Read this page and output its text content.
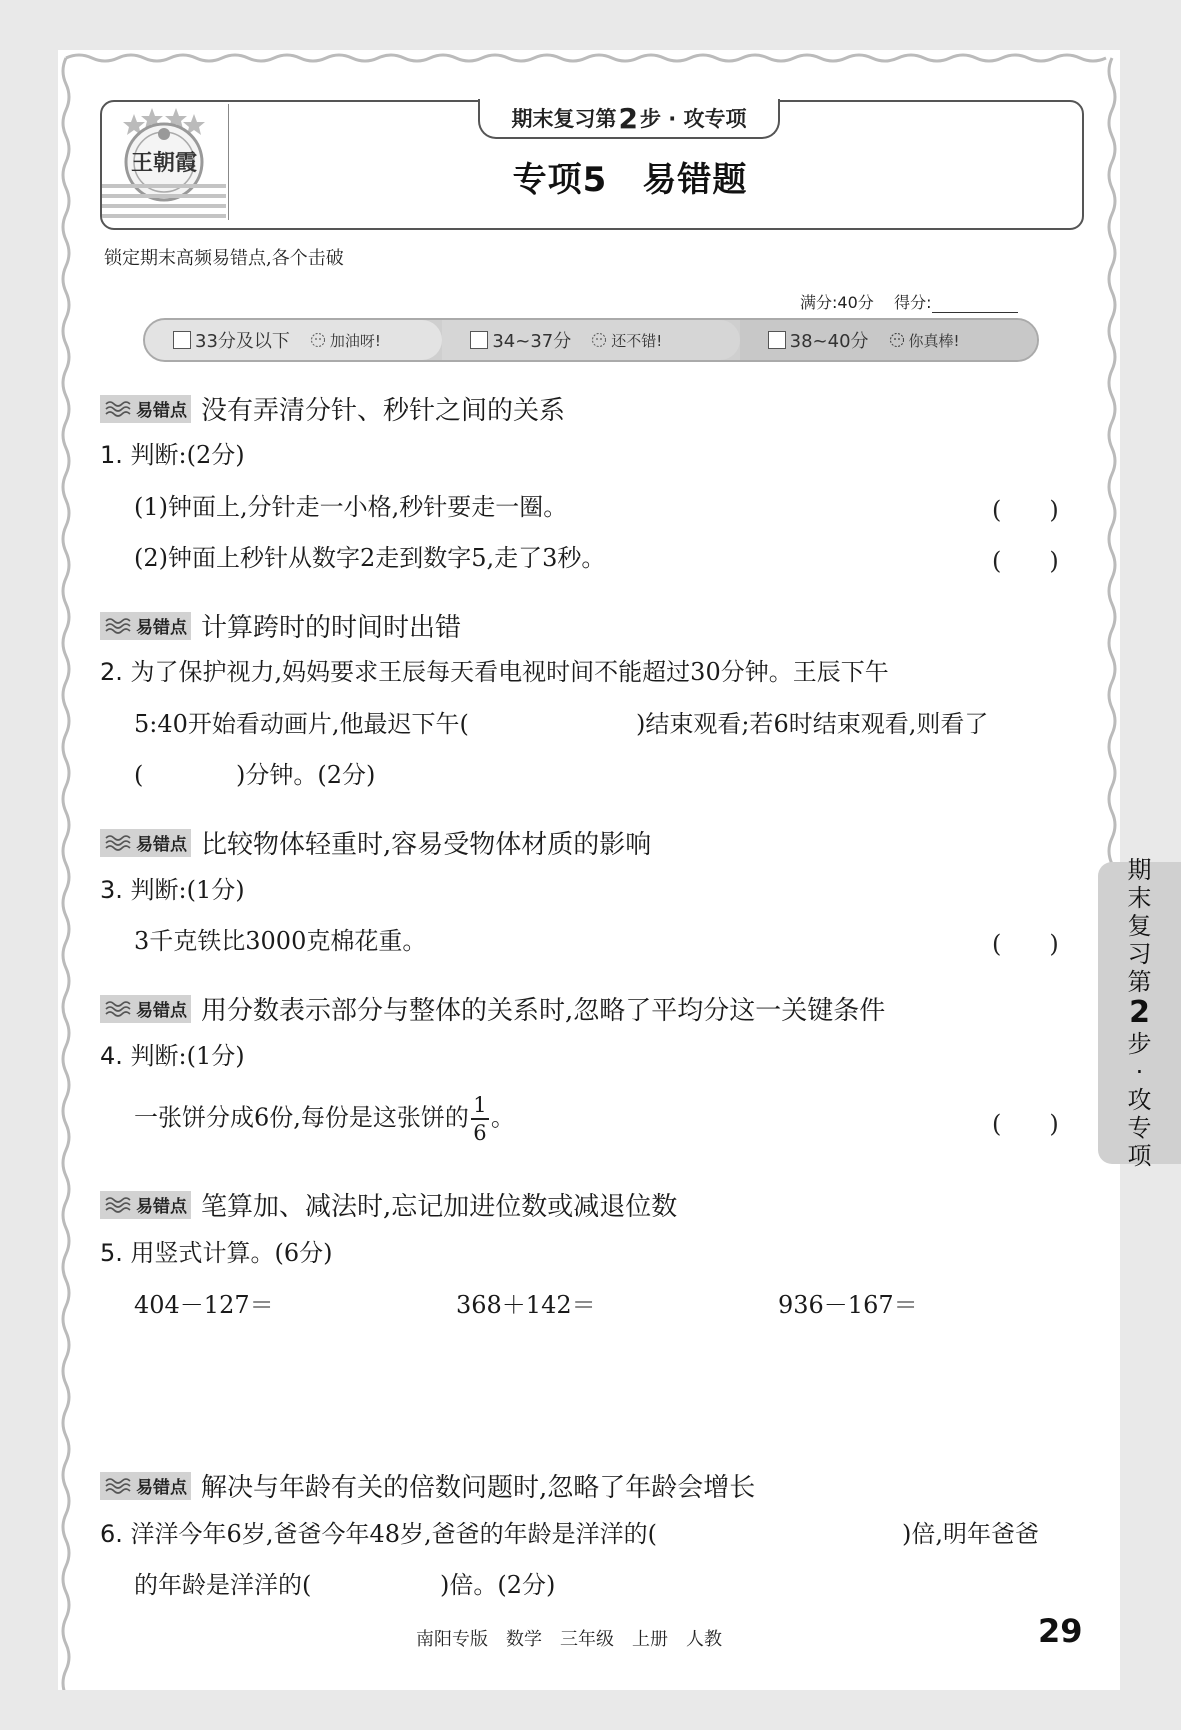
王朝霞
期末复习第 2 步 · 攻专项
专项5　易错题
锁定期末高频易错点,各个击破
满分:40分 得分:
33分及以下	加油呀!	34~37分	还不错!	38~40分	你真棒!
易错点 没有弄清分针、秒针之间的关系
1. 判断:(2分)
(1)钟面上,分针走一小格,秒针要走一圈。	(　　)
(2)钟面上秒针从数字2走到数字5,走了3秒。	(　　)
易错点 计算跨时的时间时出错
2. 为了保护视力,妈妈要求王辰每天看电视时间不能超过30分钟。王辰下午
5:40开始看动画片,他最迟下午(	)结束观看;若6时结束观看,则看了
(	)分钟。(2分)
易错点 比较物体轻重时,容易受物体材质的影响
3. 判断:(1分)
3千克铁比3000克棉花重。	(　　)
易错点 用分数表示部分与整体的关系时,忽略了平均分这一关键条件
4. 判断:(1分)
一张饼分成6份,每份是这张饼的 $\frac{1}{6}$ 。	(　　)
易错点 笔算加、减法时,忘记加进位数或减退位数
5. 用竖式计算。(6分)
404－127＝	368＋142＝	936－167＝
易错点 解决与年龄有关的倍数问题时,忽略了年龄会增长
6. 洋洋今年6岁,爸爸今年48岁,爸爸的年龄是洋洋的(	)倍,明年爸爸
的年龄是洋洋的(	)倍。(2分)
期
末
复
习
第
2
步
·
攻
专
项
南阳专版　数学　三年级　上册　人教	29
